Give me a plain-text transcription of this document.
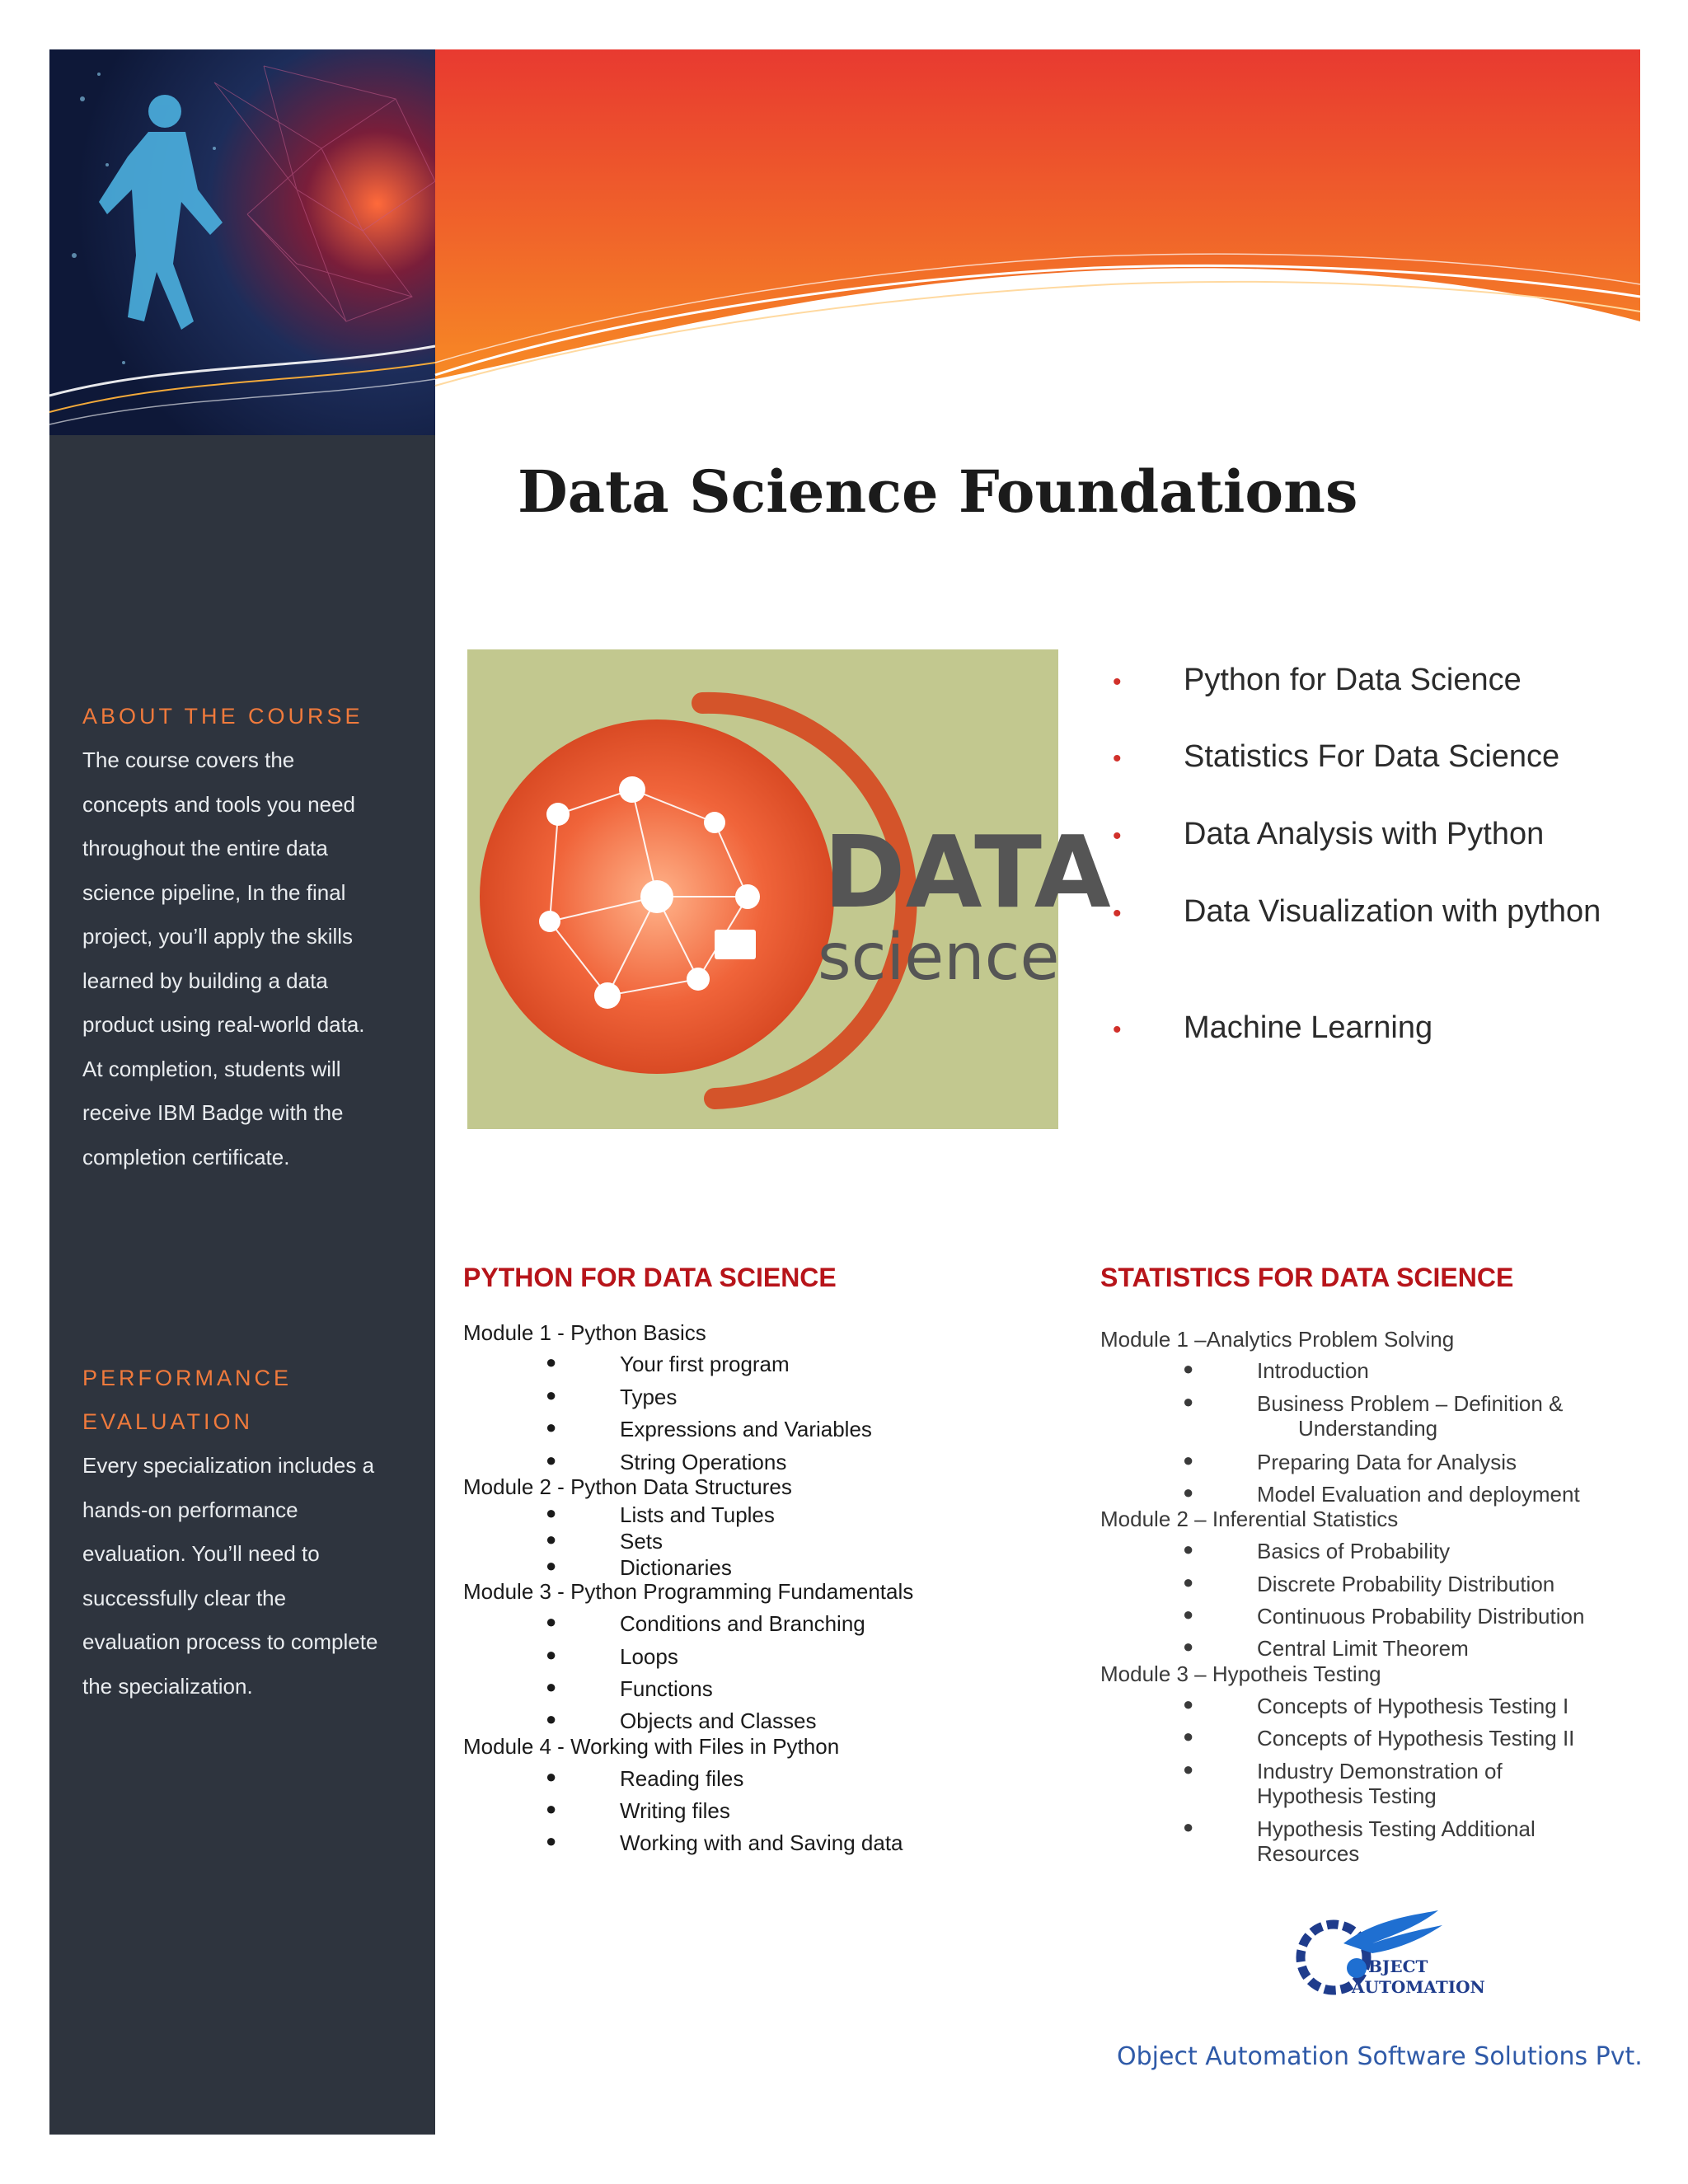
ABOUT THE COURSE

The course covers the

concepts and tools you need

throughout the entire data

science pipeline, In the final

project, you’ll apply the skills

learned by building a data

product using real-world data.

At completion, students will

receive IBM Badge with the

completion certificate.

PERFORMANCE

EVALUATION

Every specialization includes a

hands-on performance

evaluation. You’ll need to

successfully clear the

evaluation process to complete

the specialization.

Data Science Foundations
DATA
science
• Python for Data Science
• Statistics For Data Science
• Data Analysis with Python
• Data Visualization with python
• Machine Learning
PYTHON FOR DATA SCIENCE	STATISTICS FOR DATA SCIENCE
Module 1 - Python Basics
●	Your first program
●	Types
●	Expressions and Variables
●	String Operations
Module 2 - Python Data Structures
●	Lists and Tuples
●	Sets
●	Dictionaries
Module 3 - Python Programming Fundamentals
●	Conditions and Branching
●	Loops
●	Functions
●	Objects and Classes
Module 4 - Working with Files in Python
●	Reading files
●	Writing files
●	Working with and Saving data
Module 1 –Analytics Problem Solving
●	Introduction
●	Business Problem – Definition &
Understanding
●	Preparing Data for Analysis
●	Model Evaluation and deployment
Module 2 – Inferential Statistics
●	Basics of Probability
●	Discrete Probability Distribution
●	Continuous Probability Distribution
●	Central Limit Theorem
Module 3 – Hypotheis Testing
●	Concepts of Hypothesis Testing I
●	Concepts of Hypothesis Testing II
●	Industry Demonstration of
Hypothesis Testing
●	Hypothesis Testing Additional
Resources
BJECT
AUTOMATION

Object Automation Software Solutions Pvt.
